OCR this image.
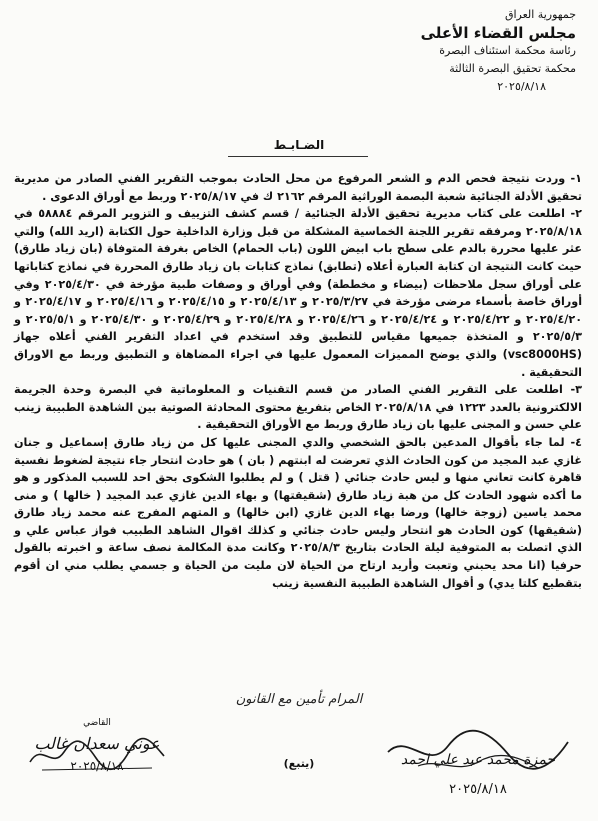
جمهورية العراق
مجلس القضاء الأعلى
رئاسة محكمة استئناف البصرة
محكمة تحقيق البصرة الثالثة
٢٠٢٥/٨/١٨
الضـابـط

١- وردت نتيجة فحص الدم و الشعر المرفوع من محل الحادث بموجب التقرير الفني الصادر من مديرية تحقيق الأدلة الجنائية شعبة البصمة الوراثية المرقم ٢١٦٢ ك في ٢٠٢٥/٨/١٧ وربط مع أوراق الدعوى .

٢- اطلعت على كتاب مديرية تحقيق الأدلة الجنائية / قسم كشف التزييف و التزوير المرقم ٥٨٨٨٤ في ٢٠٢٥/٨/١٨ ومرفقه تقرير اللجنة الخماسية المشكلة من قبل وزارة الداخلية حول الكتابة (اريد الله) والتي عثر عليها محررة بالدم على سطح باب ابيض اللون (باب الحمام) الخاص بغرفة المتوفاة (بان زياد طارق) حيث كانت النتيجة ان كتابة العبارة أعلاه (تطابق) نماذج كتابات بان زياد طارق المحررة في نماذج كتاباتها على أوراق سجل ملاحظات (بيضاء و مخططة) وفي أوراق و وصفات طبية مؤرخة في ٢٠٢٥/٤/٣٠ وفي أوراق خاصة بأسماء مرضى مؤرخة في ٢٠٢٥/٣/٢٧ و ٢٠٢٥/٤/١٣ و ٢٠٢٥/٤/١٥ و ٢٠٢٥/٤/١٦ و ٢٠٢٥/٤/١٧ و ٢٠٢٥/٤/٢٠ و ٢٠٢٥/٤/٢٢ و ٢٠٢٥/٤/٢٤ و ٢٠٢٥/٤/٢٦ و ٢٠٢٥/٤/٢٨ و ٢٠٢٥/٤/٢٩ و ٢٠٢٥/٤/٣٠ و ٢٠٢٥/٥/١ و ٢٠٢٥/٥/٣ و المتخذة جميعها مقياس للتطبيق وقد استخدم في اعداد التقرير الفني أعلاه جهاز (vsc8000HS) والذي يوضح المميزات المعمول عليها في اجراء المضاهاة و التطبيق وربط مع الاوراق التحقيقية .

٣- اطلعت على التقرير الفني الصادر من قسم التقنيات و المعلوماتية في البصرة وحدة الجريمة الالكترونية بالعدد ١٢٢٣ في ٢٠٢٥/٨/١٨ الخاص بتفريغ محتوى المحادثة الصوتية بين الشاهدة الطبيبة زينب علي حسن و المجنى عليها بان زياد طارق وربط مع الأوراق التحقيقية .

٤- لما جاء بأقوال المدعين بالحق الشخصي والدي المجنى عليها كل من زياد طارق إسماعيل و جنان غازي عبد المجيد من كون الحادث الذي تعرضت له ابنتهم ( بان ) هو حادث انتحار جاء نتيجة لضغوط نفسية قاهرة كانت تعاني منها و ليس حادث جنائي ( قتل ) و لم يطلبوا الشكوى بحق احد للسبب المذكور و هو ما أكده شهود الحادث كل من هبة زياد طارق (شقيقتها) و بهاء الدين غازي عبد المجيد ( خالها ) و منى محمد ياسين (زوجة خالها) ورضا بهاء الدين غازي (ابن خالها) و المتهم المفرج عنه محمد زياد طارق (شقيقها) كون الحادث هو انتحار وليس حادث جنائي و كذلك اقوال الشاهد الطبيب فواز عباس علي و الذي اتصلت به المتوفية ليلة الحادث بتاريخ ٢٠٢٥/٨/٣ وكانت مدة المكالمة نصف ساعة و اخبرته بالقول حرفيا (انا محد يحبني وتعبت وأريد ارتاح من الحياة لان مليت من الحياة و جسمي يطلب مني ان أقوم بتقطيع كلتا يدي) و أقوال الشاهدة الطبيبة النفسية زينب

المرام تأمين مع القانون
القاضي
عوني سعدان غالب
٢٠٢٥/٨/١٨	(يتبع)	حمزة محمد عبد علي احمد
٢٠٢٥/٨/١٨
